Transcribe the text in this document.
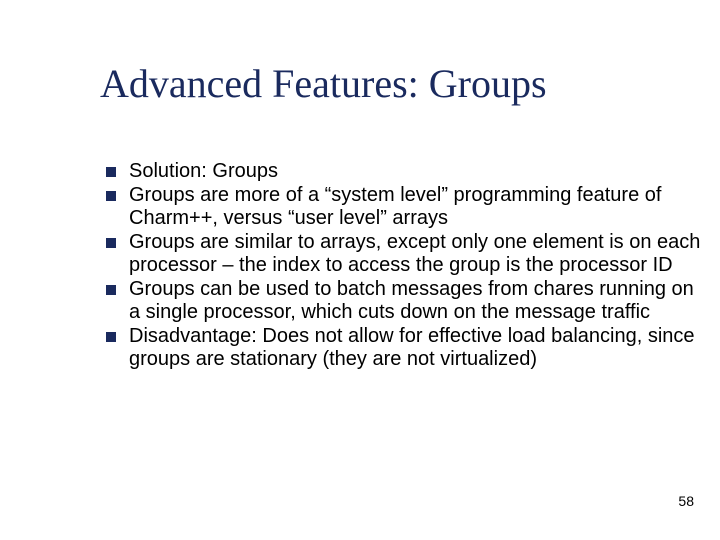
Advanced Features: Groups
Solution: Groups
Groups are more of a “system level” programming feature of Charm++, versus “user level” arrays
Groups are similar to arrays, except only one element is on each processor – the index to access the group is the processor ID
Groups can be used to batch messages from chares running on a single processor, which cuts down on the message traffic
Disadvantage: Does not allow for effective load balancing, since groups are stationary (they are not virtualized)
58
